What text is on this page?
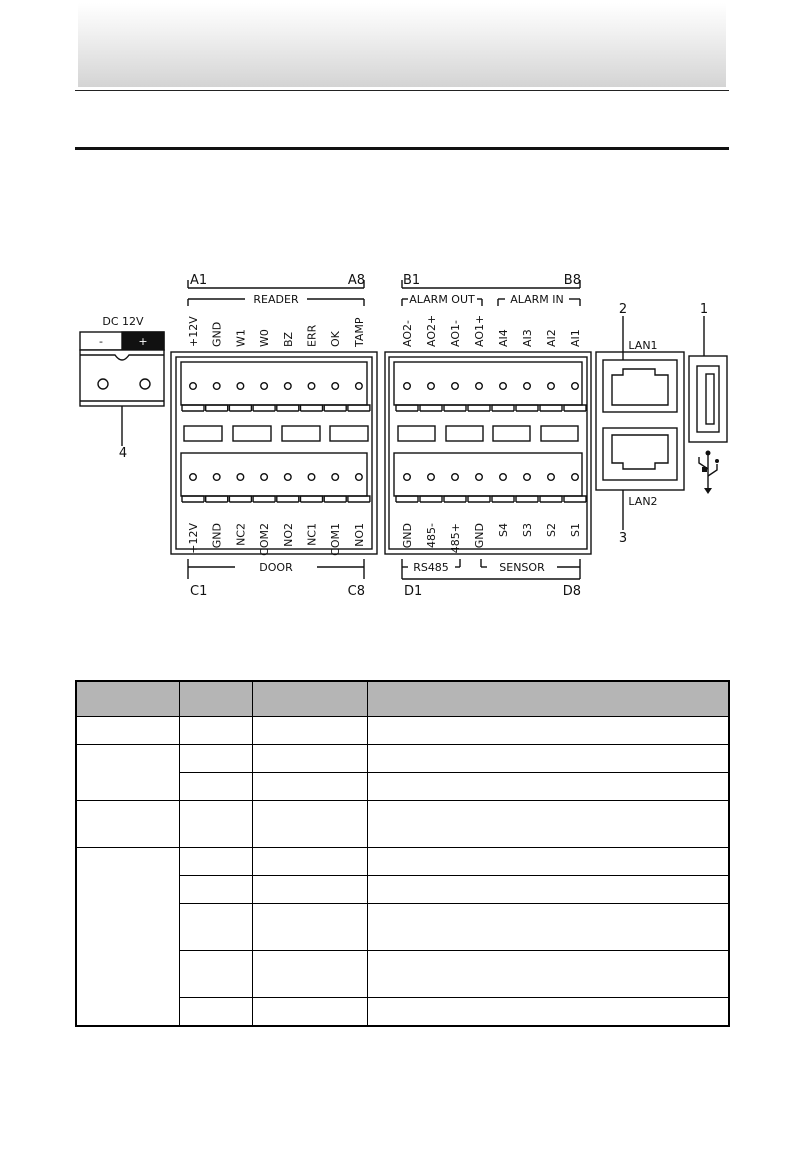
DC 12V
-	+
4
A1	A8
READER
B1	B8
ALARM OUT	ALARM IN
DOOR
C1	C8
RS485	SENSOR
D1	D8
2
LAN1
LAN2
3
1
+12V GND W1 W0 BZ ERR OK TAMP	AO2- AO2+ AO1- AO1+ AI4 AI3 AI2 AI1
+12V GND NC2 COM2 NO2 NC1 COM1 NO1	GND 485- 485+ GND S4 S3 S2 S1
